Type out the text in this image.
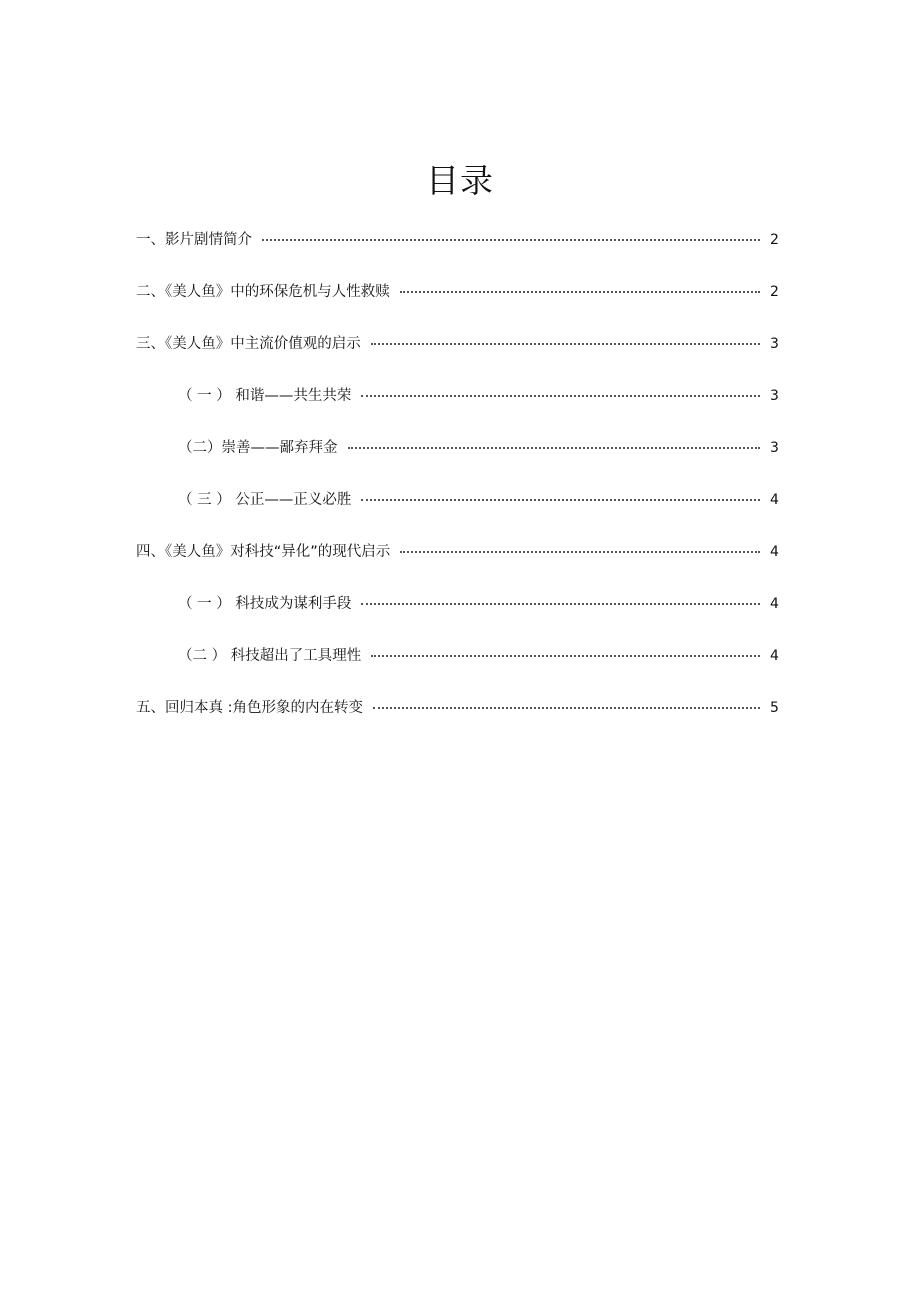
目录
一、影片剧情简介	2
二、《美人鱼》中的环保危机与人性救赎	2
三、《美人鱼》中主流价值观的启示	3
（ 一 ） 和谐——共生共荣	3
（二）崇善——鄙弃拜金	3
（ 三 ） 公正——正义必胜	4
四、《美人鱼》对科技“异化”的现代启示	4
（ 一 ） 科技成为谋利手段	4
（二 ） 科技超出了工具理性	4
五、回归本真 :角色形象的内在转变	5
